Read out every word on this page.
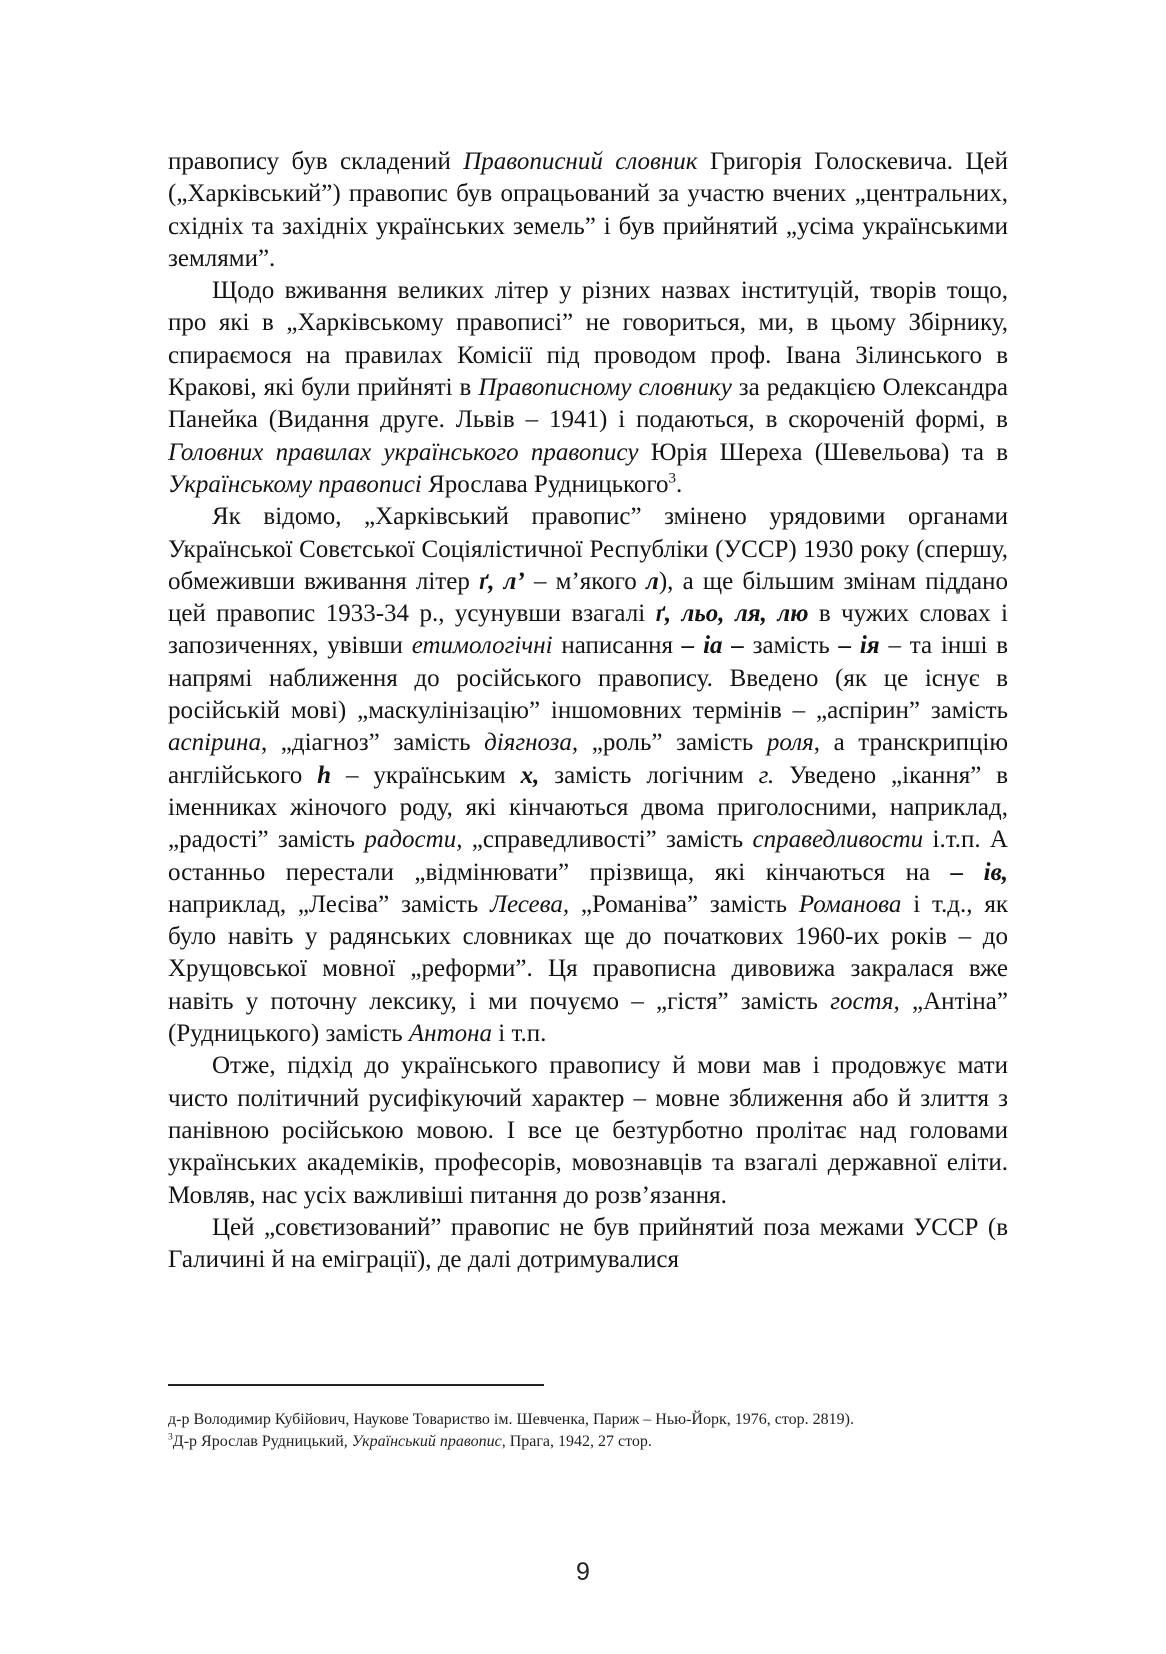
правопису був складений Правописний словник Григорія Голоскевича. Цей („Харківський”) правопис був опрацьований за участю вчених „центральних, східніх та західніх українських земель” і був прийнятий „усіма українськими землями”.

Щодо вживання великих літер у різних назвах інституцій, творів тощо, про які в „Харківському правописі” не говориться, ми, в цьому Збірнику, спираємося на правилах Комісії під проводом проф. Івана Зілинського в Кракові, які були прийняті в Правописному словнику за редакцією Олександра Панейка (Видання друге. Львів – 1941) і подаються, в скороченій формі, в Головних правилах українського правопису Юрія Шереха (Шевельова) та в Українському правописі Ярослава Рудницького$^3$.

Як відомо, „Харківський правопис” змінено урядовими органами Української Совєтської Соціялістичної Республіки (УССР) 1930 року (спершу, обмеживши вживання літер ґ, л’ – м’якого л), а ще більшим змінам піддано цей правопис 1933-34 р., усунувши взагалі ґ, льо, ля, лю в чужих словах і запозиченнях, увівши етимологічні написання – іа – замість – ія – та інші в напрямі наближення до російського правопису. Введено (як це існує в російській мові) „маскулінізацію” іншомовних термінів – „аспірин” замість аспірина, „діагноз” замість діягноза, „роль” замість роля, а транскрипцію англійського h – українським х, замість логічним г. Уведено „ікання” в іменниках жіночого роду, які кінчаються двома приголосними, наприклад, „радості” замість радости, „справедливості” замість справедливости і.т.п. А останньо перестали „відмінювати” прізвища, які кінчаються на – ів, наприклад, „Лесіва” замість Лесева, „Романіва” замість Романова і т.д., як було навіть у радянських словниках ще до початкових 1960-их років – до Хрущовської мовної „реформи”. Ця правописна дивовижа закралася вже навіть у поточну лексику, і ми почуємо – „гістя” замість гостя, „Антіна” (Рудницького) замість Антона і т.п.

Отже, підхід до українського правопису й мови мав і продовжує мати чисто політичний русифікуючий характер – мовне зближення або й злиття з панівною російською мовою. І все це безтурботно пролітає над головами українських академіків, професорів, мовознавців та взагалі державної еліти. Мовляв, нас усіх важливіші питання до розв’язання.

Цей „совєтизований” правопис не був прийнятий поза межами УССР (в Галичині й на еміграції), де далі дотримувалися

д-р Володимир Кубійович, Наукове Товариство ім. Шевченка, Париж – Нью-Йорк, 1976, стор. 2819).

$^3$Д-р Ярослав Рудницький, Український правопис, Прага, 1942, 27 стор.

9
